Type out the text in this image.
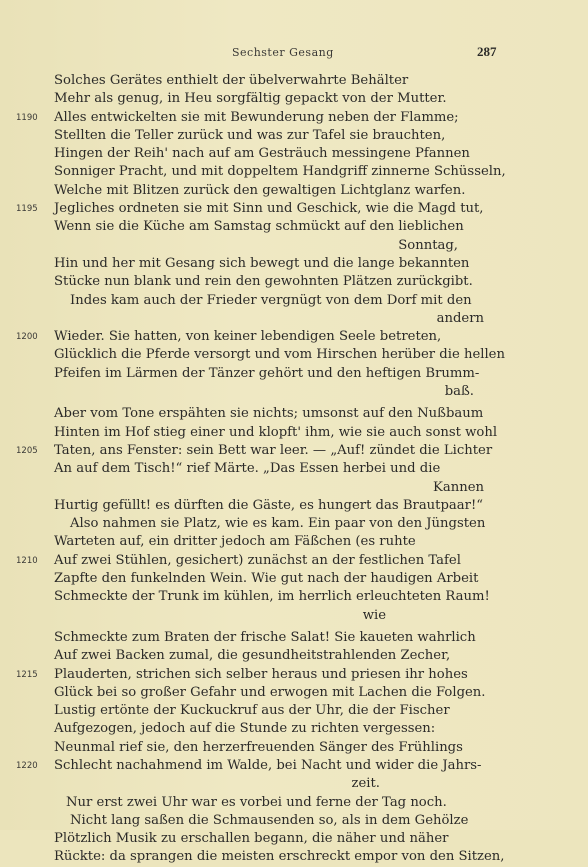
Sechster Gesang	287
Solches Gerätes enthielt der übelverwahrte Behälter
Mehr als genug, in Heu sorgfältig gepackt von der Mutter.
1190 Alles entwickelten sie mit Bewunderung neben der Flamme;
Stellten die Teller zurück und was zur Tafel sie brauchten,
Hingen der Reih' nach auf am Gesträuch messingene Pfannen
Sonniger Pracht, und mit doppeltem Handgriff zinnerne Schüsseln,
Welche mit Blitzen zurück den gewaltigen Lichtglanz warfen.
1195 Jegliches ordneten sie mit Sinn und Geschick, wie die Magd tut,
Wenn sie die Küche am Samstag schmückt auf den lieblichen
Sonntag,
Hin und her mit Gesang sich bewegt und die lange bekannten
Stücke nun blank und rein den gewohnten Plätzen zurückgibt.
Indes kam auch der Frieder vergnügt von dem Dorf mit den
andern
1200 Wieder. Sie hatten, von keiner lebendigen Seele betreten,
Glücklich die Pferde versorgt und vom Hirschen herüber die hellen
Pfeifen im Lärmen der Tänzer gehört und den heftigen Brumm-
baß.
Aber vom Tone erspähten sie nichts; umsonst auf den Nußbaum
Hinten im Hof stieg einer und klopft' ihm, wie sie auch sonst wohl
1205 Taten, ans Fenster: sein Bett war leer. — „Auf! zündet die Lichter
An auf dem Tisch!“ rief Märte. „Das Essen herbei und die
Kannen
Hurtig gefüllt! es dürften die Gäste, es hungert das Brautpaar!“
Also nahmen sie Platz, wie es kam. Ein paar von den Jüngsten
Warteten auf, ein dritter jedoch am Fäßchen (es ruhte
1210 Auf zwei Stühlen, gesichert) zunächst an der festlichen Tafel
Zapfte den funkelnden Wein. Wie gut nach der haudigen Arbeit
Schmeckte der Trunk im kühlen, im herrlich erleuchteten Raum!
wie
Schmeckte zum Braten der frische Salat! Sie kaueten wahrlich
Auf zwei Backen zumal, die gesundheitstrahlenden Zecher,
1215 Plauderten, strichen sich selber heraus und priesen ihr hohes
Glück bei so großer Gefahr und erwogen mit Lachen die Folgen.
Lustig ertönte der Kuckuckruf aus der Uhr, die der Fischer
Aufgezogen, jedoch auf die Stunde zu richten vergessen:
Neunmal rief sie, den herzerfreuenden Sänger des Frühlings
1220 Schlecht nachahmend im Walde, bei Nacht und wider die Jahrs-
zeit.
Nur erst zwei Uhr war es vorbei und ferne der Tag noch.
Nicht lang saßen die Schmausenden so, als in dem Gehölze
Plötzlich Musik zu erschallen begann, die näher und näher
Rückte: da sprangen die meisten erschreckt empor von den Sitzen,
